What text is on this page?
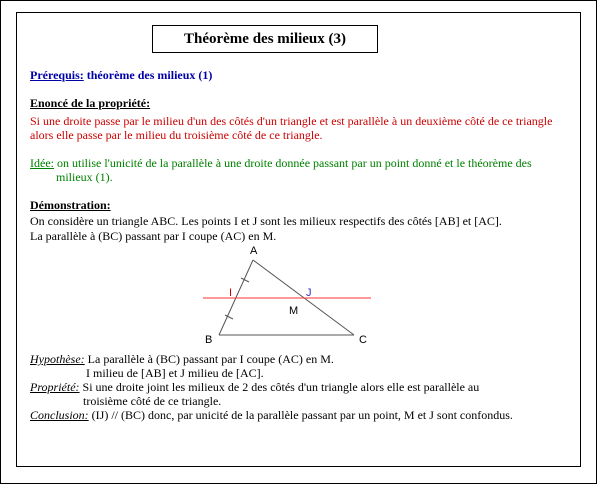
Théorème des milieux (3)
Prérequis: théorème des milieux (1)
Enoncé de la propriété:
Si une droite passe par le milieu d'un des côtés d'un triangle et est parallèle à un deuxième côté de ce triangle
alors elle passe par le milieu du troisième côté de ce triangle.
Idée: on utilise l'unicité de la parallèle à une droite donnée passant par un point donné et le théorème des
milieux (1).
Démonstration:
On considère un triangle ABC. Les points I et J sont les milieux respectifs des côtés [AB] et [AC].
La parallèle à (BC) passant par I coupe (AC) en M.
A
B	C
I	J
M
Hypothèse: La parallèle à (BC) passant par I coupe (AC) en M.
I milieu de [AB] et J milieu de [AC].
Propriété: Si une droite joint les milieux de 2 des côtés d'un triangle alors elle est parallèle au
troisième côté de ce triangle.
Conclusion: (IJ) // (BC) donc, par unicité de la parallèle passant par un point, M et J sont confondus.
